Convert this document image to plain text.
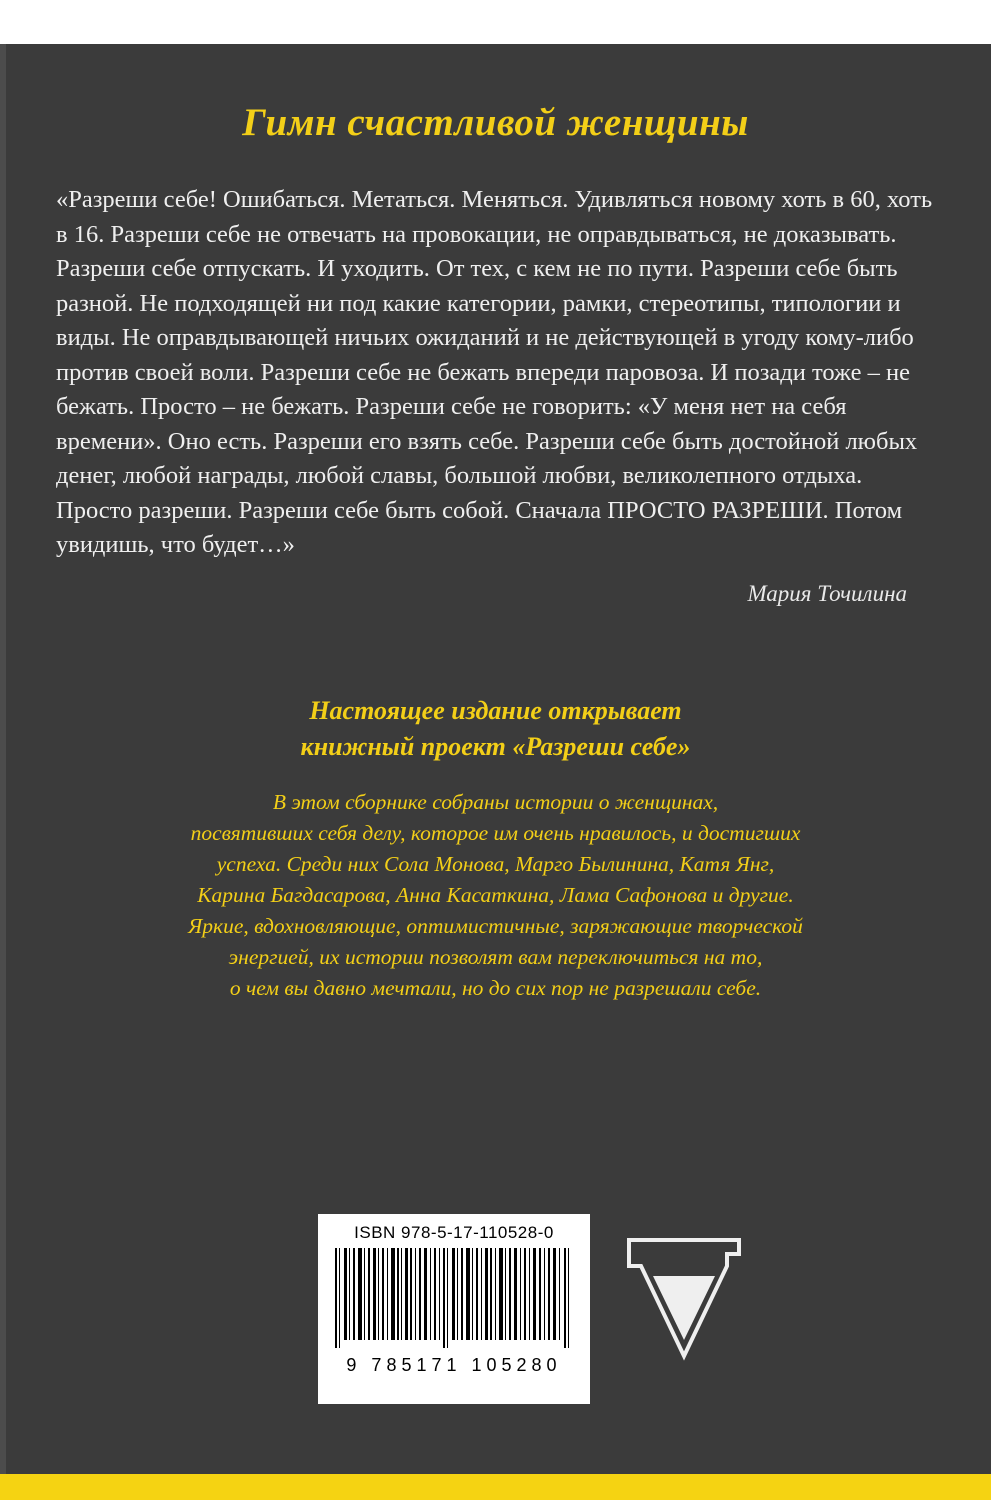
Гимн счастливой женщины

«Разреши себе! Ошибаться. Метаться. Меняться. Удивляться новому хоть в 60, хоть в 16. Разреши себе не отвечать на провокации, не оправдываться, не доказывать. Разреши себе отпускать. И уходить. От тех, с кем не по пути. Разреши себе быть разной. Не подходящей ни под какие категории, рамки, стереотипы, типологии и виды. Не оправдывающей ничьих ожиданий и не действующей в угоду кому-либо против своей воли. Разреши себе не бежать впереди паровоза. И позади тоже – не бежать. Просто – не бежать. Разреши себе не говорить: «У меня нет на себя времени». Оно есть. Разреши его взять себе. Разреши себе быть достойной любых денег, любой награды, любой славы, большой любви, великолепного отдыха. Просто разреши. Разреши себе быть собой. Сначала ПРОСТО РАЗРЕШИ. Потом увидишь, что будет…»

Мария Точилина
Настоящее издание открывает
книжный проект «Разреши себе»

В этом сборнике собраны истории о женщинах,

посвятивших себя делу, которое им очень нравилось, и достигших

успеха. Среди них Сола Монова, Марго Былинина, Катя Янг,

Карина Багдасарова, Анна Касаткина, Лама Сафонова и другие.

Яркие, вдохновляющие, оптимистичные, заряжающие творческой

энергией, их истории позволят вам переключиться на то,

о чем вы давно мечтали, но до сих пор не разрешали себе.

ISBN 978-5-17-110528-0
9 785171 105280
